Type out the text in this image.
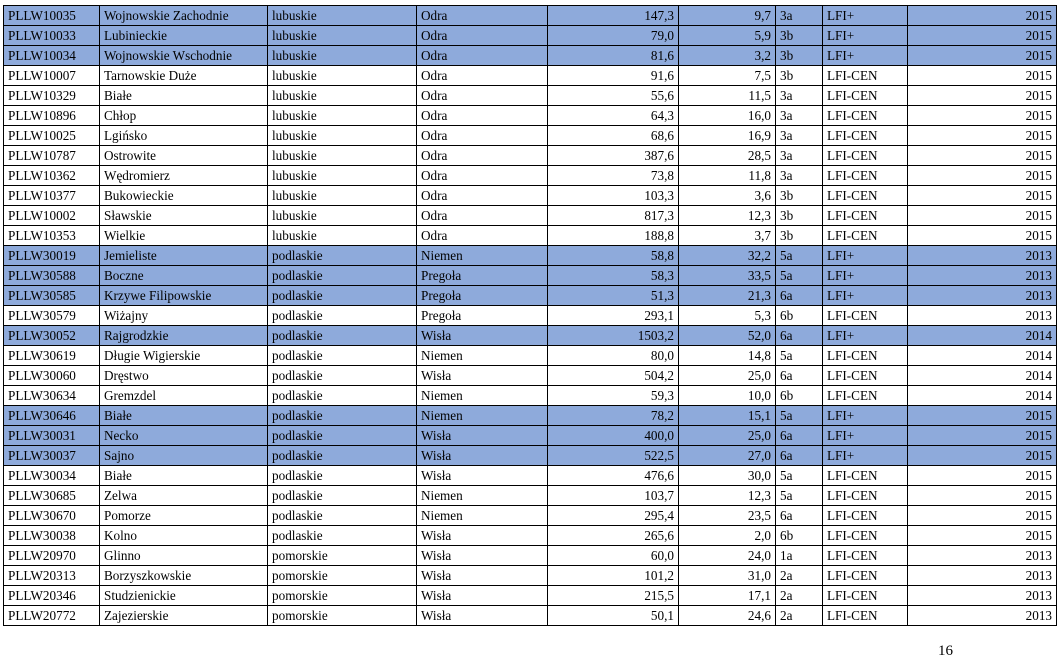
PLLW10035	Wojnowskie Zachodnie	lubuskie	Odra	147,3	9,7	3a	LFI+	2015
PLLW10033	Lubinieckie	lubuskie	Odra	79,0	5,9	3b	LFI+	2015
PLLW10034	Wojnowskie Wschodnie	lubuskie	Odra	81,6	3,2	3b	LFI+	2015
PLLW10007	Tarnowskie Duże	lubuskie	Odra	91,6	7,5	3b	LFI-CEN	2015
PLLW10329	Białe	lubuskie	Odra	55,6	11,5	3a	LFI-CEN	2015
PLLW10896	Chłop	lubuskie	Odra	64,3	16,0	3a	LFI-CEN	2015
PLLW10025	Lgińsko	lubuskie	Odra	68,6	16,9	3a	LFI-CEN	2015
PLLW10787	Ostrowite	lubuskie	Odra	387,6	28,5	3a	LFI-CEN	2015
PLLW10362	Wędromierz	lubuskie	Odra	73,8	11,8	3a	LFI-CEN	2015
PLLW10377	Bukowieckie	lubuskie	Odra	103,3	3,6	3b	LFI-CEN	2015
PLLW10002	Sławskie	lubuskie	Odra	817,3	12,3	3b	LFI-CEN	2015
PLLW10353	Wielkie	lubuskie	Odra	188,8	3,7	3b	LFI-CEN	2015
PLLW30019	Jemieliste	podlaskie	Niemen	58,8	32,2	5a	LFI+	2013
PLLW30588	Boczne	podlaskie	Pregoła	58,3	33,5	5a	LFI+	2013
PLLW30585	Krzywe Filipowskie	podlaskie	Pregoła	51,3	21,3	6a	LFI+	2013
PLLW30579	Wiżajny	podlaskie	Pregoła	293,1	5,3	6b	LFI-CEN	2013
PLLW30052	Rajgrodzkie	podlaskie	Wisła	1503,2	52,0	6a	LFI+	2014
PLLW30619	Długie Wigierskie	podlaskie	Niemen	80,0	14,8	5a	LFI-CEN	2014
PLLW30060	Dręstwo	podlaskie	Wisła	504,2	25,0	6a	LFI-CEN	2014
PLLW30634	Gremzdel	podlaskie	Niemen	59,3	10,0	6b	LFI-CEN	2014
PLLW30646	Białe	podlaskie	Niemen	78,2	15,1	5a	LFI+	2015
PLLW30031	Necko	podlaskie	Wisła	400,0	25,0	6a	LFI+	2015
PLLW30037	Sajno	podlaskie	Wisła	522,5	27,0	6a	LFI+	2015
PLLW30034	Białe	podlaskie	Wisła	476,6	30,0	5a	LFI-CEN	2015
PLLW30685	Zelwa	podlaskie	Niemen	103,7	12,3	5a	LFI-CEN	2015
PLLW30670	Pomorze	podlaskie	Niemen	295,4	23,5	6a	LFI-CEN	2015
PLLW30038	Kolno	podlaskie	Wisła	265,6	2,0	6b	LFI-CEN	2015
PLLW20970	Glinno	pomorskie	Wisła	60,0	24,0	1a	LFI-CEN	2013
PLLW20313	Borzyszkowskie	pomorskie	Wisła	101,2	31,0	2a	LFI-CEN	2013
PLLW20346	Studzienickie	pomorskie	Wisła	215,5	17,1	2a	LFI-CEN	2013
PLLW20772	Zajezierskie	pomorskie	Wisła	50,1	24,6	2a	LFI-CEN	2013
16
